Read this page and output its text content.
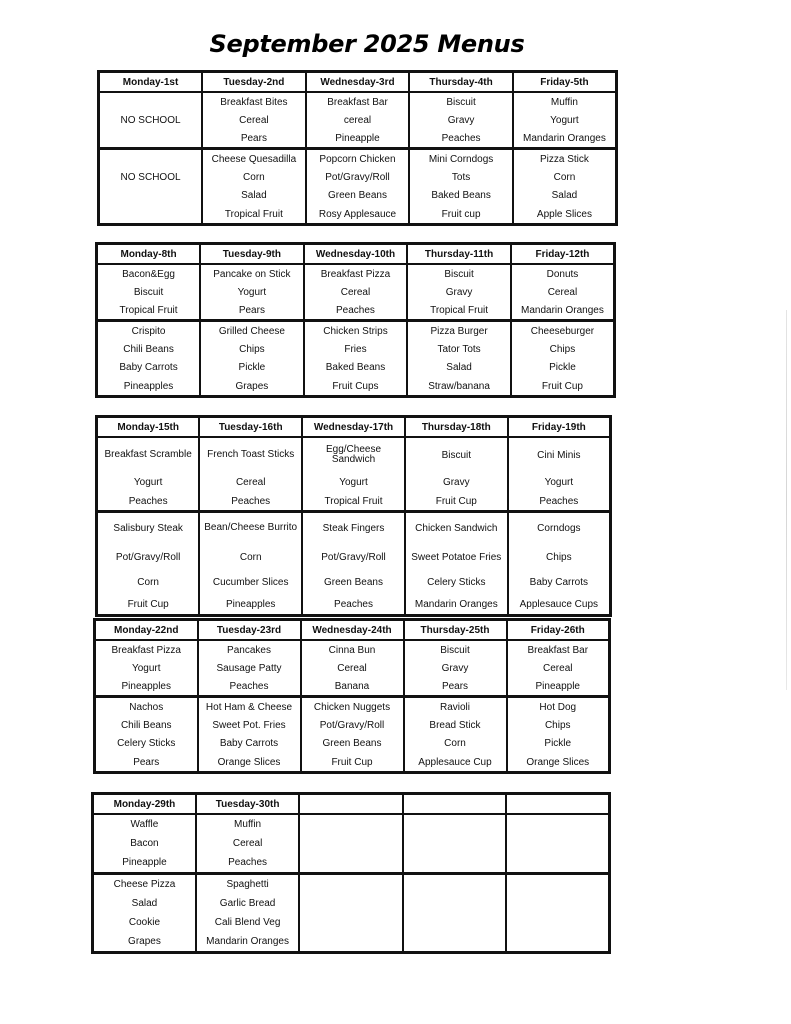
September 2025 Menus
Monday-1st	Tuesday-2nd	Wednesday-3rd	Thursday-4th	Friday-5th
	Breakfast Bites	Breakfast Bar	Biscuit	Muffin
NO SCHOOL	Cereal	cereal	Gravy	Yogurt
	Pears	Pineapple	Peaches	Mandarin Oranges
	Cheese Quesadilla	Popcorn Chicken	Mini Corndogs	Pizza Stick
NO SCHOOL	Corn	Pot/Gravy/Roll	Tots	Corn
	Salad	Green Beans	Baked Beans	Salad
	Tropical Fruit	Rosy Applesauce	Fruit cup	Apple Slices
Monday-8th	Tuesday-9th	Wednesday-10th	Thursday-11th	Friday-12th
Bacon&Egg	Pancake on Stick	Breakfast Pizza	Biscuit	Donuts
Biscuit	Yogurt	Cereal	Gravy	Cereal
Tropical Fruit	Pears	Peaches	Tropical Fruit	Mandarin Oranges
Crispito	Grilled Cheese	Chicken Strips	Pizza Burger	Cheeseburger
Chili Beans	Chips	Fries	Tator Tots	Chips
Baby Carrots	Pickle	Baked Beans	Salad	Pickle
Pineapples	Grapes	Fruit Cups	Straw/banana	Fruit Cup
Monday-15th	Tuesday-16th	Wednesday-17th	Thursday-18th	Friday-19th
Breakfast Scramble	French Toast Sticks	Egg/Cheese Sandwich	Biscuit	Cini Minis
Yogurt	Cereal	Yogurt	Gravy	Yogurt
Peaches	Peaches	Tropical Fruit	Fruit Cup	Peaches
Salisbury Steak	Bean/Cheese Burrito	Steak Fingers	Chicken Sandwich	Corndogs
Pot/Gravy/Roll	Corn	Pot/Gravy/Roll	Sweet Potatoe Fries	Chips
Corn	Cucumber Slices	Green Beans	Celery Sticks	Baby Carrots
Fruit Cup	Pineapples	Peaches	Mandarin Oranges	Applesauce Cups
Monday-22nd	Tuesday-23rd	Wednesday-24th	Thursday-25th	Friday-26th
Breakfast Pizza	Pancakes	Cinna Bun	Biscuit	Breakfast Bar
Yogurt	Sausage Patty	Cereal	Gravy	Cereal
Pineapples	Peaches	Banana	Pears	Pineapple
Nachos	Hot Ham & Cheese	Chicken Nuggets	Ravioli	Hot Dog
Chili Beans	Sweet Pot. Fries	Pot/Gravy/Roll	Bread Stick	Chips
Celery Sticks	Baby Carrots	Green Beans	Corn	Pickle
Pears	Orange Slices	Fruit Cup	Applesauce Cup	Orange Slices
Monday-29th	Tuesday-30th			
Waffle	Muffin			
Bacon	Cereal			
Pineapple	Peaches			
Cheese Pizza	Spaghetti			
Salad	Garlic Bread			
Cookie	Cali Blend Veg			
Grapes	Mandarin Oranges			
